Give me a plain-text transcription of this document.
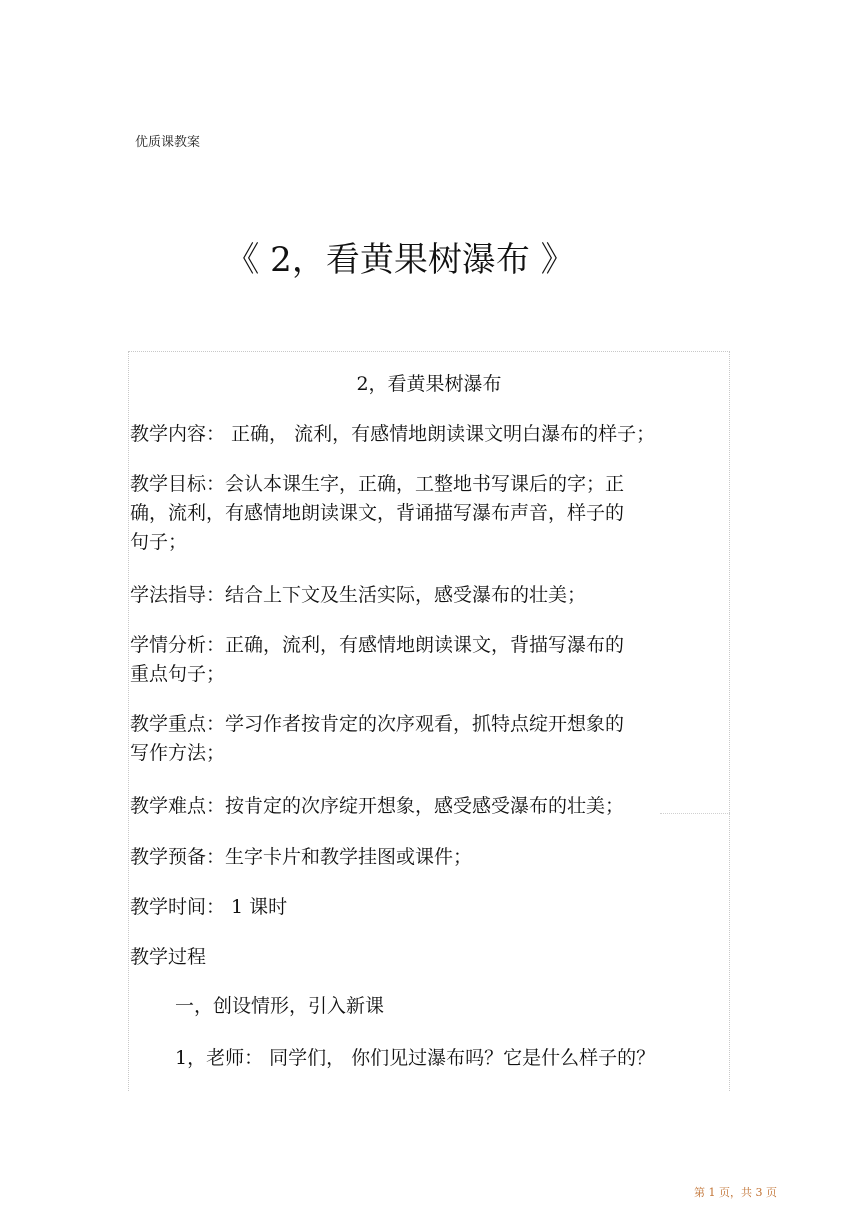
优质课教案
《 2，看黄果树瀑布 》
2，看黄果树瀑布
教学内容： 正确， 流利，有感情地朗读课文明白瀑布的样子；
教学目标：会认本课生字，正确，工整地书写课后的字；正
确，流利，有感情地朗读课文，背诵描写瀑布声音，样子的
句子；
学法指导：结合上下文及生活实际，感受瀑布的壮美；
学情分析：正确，流利，有感情地朗读课文，背描写瀑布的
重点句子；
教学重点：学习作者按肯定的次序观看，抓特点绽开想象的
写作方法；
教学难点：按肯定的次序绽开想象，感受感受瀑布的壮美；
教学预备：生字卡片和教学挂图或课件；
教学时间： 1 课时
教学过程
一，创设情形，引入新课
1，老师： 同学们， 你们见过瀑布吗？它是什么样子的？
第 1 页，共 3 页
